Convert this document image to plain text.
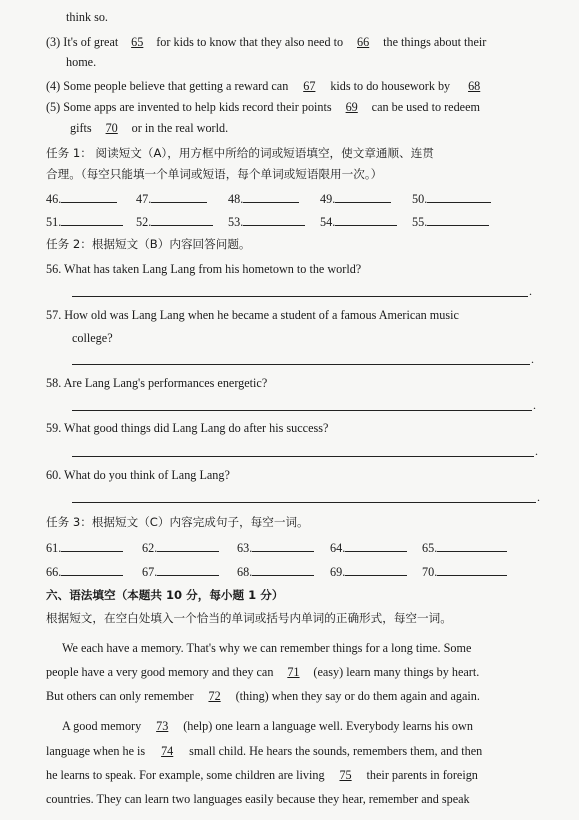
think so.
(3) It's of great 65 for kids to know that they also need to 66 the things about their
home.
(4) Some people believe that getting a reward can 67 kids to do housework by 68
(5) Some apps are invented to help kids record their points 69 can be used to redeem
gifts 70 or in the real world.
任务 1： 阅读短文（A），用方框中所给的词或短语填空，使文章通顺、连贯
合理。（每空只能填一个单词或短语，每个单词或短语限用一次。）
46.	47.	48.	49.	50.
51.	52.	53.	54.	55.
任务 2：根据短文（B）内容回答问题。
56. What has taken Lang Lang from his hometown to the world?
.
57. How old was Lang Lang when he became a student of a famous American music
college?
.
58. Are Lang Lang's performances energetic?
.
59. What good things did Lang Lang do after his success?
.
60. What do you think of Lang Lang?
.
任务 3：根据短文（C）内容完成句子，每空一词。
61.	62.	63.	64.	65.
66.	67.	68.	69.	70.
六、语法填空（本题共 10 分，每小题 1 分）
根据短文，在空白处填入一个恰当的单词或括号内单词的正确形式，每空一词。
We each have a memory. That's why we can remember things for a long time. Some
people have a very good memory and they can 71 (easy) learn many things by heart.
But others can only remember 72 (thing) when they say or do them again and again.
A good memory 73 (help) one learn a language well. Everybody learns his own
language when he is 74 small child. He hears the sounds, remembers them, and then
he learns to speak. For example, some children are living 75 their parents in foreign
countries. They can learn two languages easily because they hear, remember and speak
